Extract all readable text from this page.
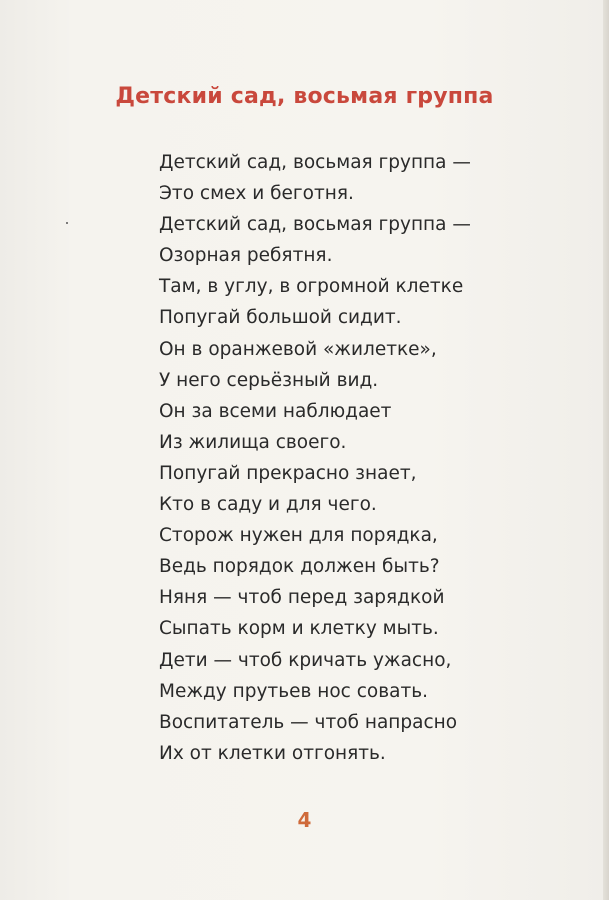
Детский сад, восьмая группа
Детский сад, восьмая группа —
Это смех и беготня.
Детский сад, восьмая группа —
Озорная ребятня.
Там, в углу, в огромной клетке
Попугай большой сидит.
Он в оранжевой «жилетке»,
У него серьёзный вид.
Он за всеми наблюдает
Из жилища своего.
Попугай прекрасно знает,
Кто в саду и для чего.
Сторож нужен для порядка,
Ведь порядок должен быть?
Няня — чтоб перед зарядкой
Сыпать корм и клетку мыть.
Дети — чтоб кричать ужасно,
Между прутьев нос совать.
Воспитатель — чтоб напрасно
Их от клетки отгонять.
4
